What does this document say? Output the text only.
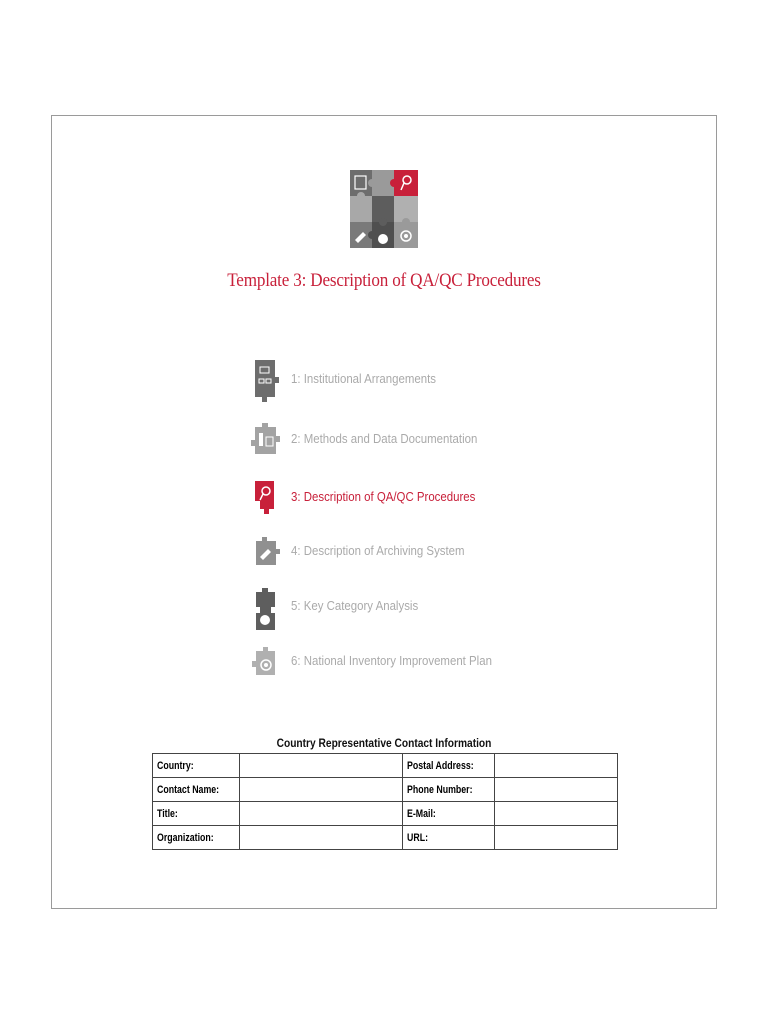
Template 3: Description of QA/QC Procedures
1: Institutional Arrangements
2: Methods and Data Documentation
3: Description of QA/QC Procedures
4: Description of Archiving System
5: Key Category Analysis
6: National Inventory Improvement Plan
Country Representative Contact Information
Country:		Postal Address:	
Contact Name:		Phone Number:	
Title:		E-Mail:	
Organization:		URL:	
